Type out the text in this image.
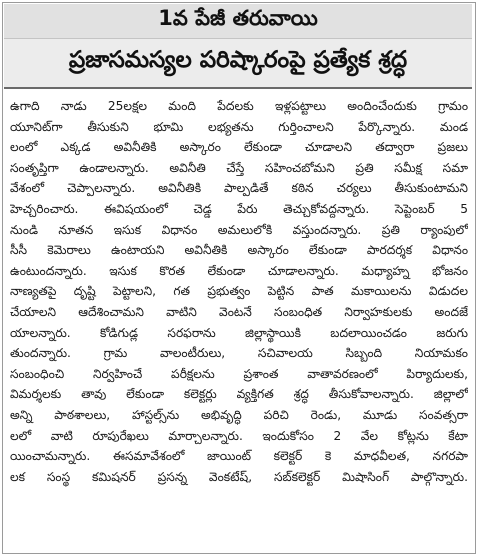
1వ పేజీ తరువాయి
ప్రజాసమస్యల పరిష్కారంపై ప్రత్యేక శ్రద్ధ
ఉగాది నాడు 25లక్షల మంది పేదలకు ఇళ్లపట్టాలు అందించేందుకు గ్రామం
యూనిట్‌గా తీసుకుని భూమి లభ్యతను గుర్తించాలని పేర్కొన్నారు. మండ
లంలో ఎక్కడ అవినీతికి అస్కారం లేకుండా చూడాలని తద్వారా ప్రజలు
సంతృప్తిగా ఉండాలన్నారు. అవినీతి చేస్తే సహించబోమని ప్రతి సమీక్ష సమా
వేశంలో చెప్పాలన్నారు. అవినీతికి పాల్పడితే కఠిన చర్యలు తీసుకుంటామని
హెచ్చరించారు. ఈవిషయంలో చెడ్డ పేరు తెచ్చుకోవద్దన్నారు. సెప్టెంబర్ 5
నుండి నూతన ఇసుక విధానం అమలులోకి వస్తుందన్నారు. ప్రతి ర్యాంపులో
సీసీ కెమెరాలు ఉంటాయని అవినీతికి అస్కారం లేకుండా పారదర్శక విధానం
ఉంటుందన్నారు. ఇసుక కొరత లేకుండా చూడాలన్నారు. మధ్యాహ్న భోజనం
నాణ్యతపై దృష్టి పెట్టాలని, గత ప్రభుత్వం పెట్టిన పాత మకాయిలను విడుదల
చేయాలని ఆదేశించామని వాటిని వెంటనే సంబంధిత నిర్వాహకులకు అందజే
యాలన్నారు. కోడిగుడ్ల సరఫరాను జిల్లాస్థాయికి బదలాయించడం జరుగు
తుందన్నారు. గ్రామ వాలంటీరులు, సచివాలయ సిబ్బంది నియామకం
సంబంధించి నిర్వహించే పరీక్షలను ప్రశాంత వాతావరణంలో పిర్యాదులకు,
విమర్శలకు తావు లేకుండా కలెక్టర్లు వ్యక్తిగత శ్రద్ధ తీసుకోవాలన్నారు. జిల్లాలో
అన్ని పాఠశాలలు, హాస్టల్స్‌ను అభివృద్ధి పరిచి రెండు, మూడు సంవత్సరా
లలో వాటి రూపురేఖలు మార్చాలన్నారు. ఇందుకోసం 2 వేల కోట్లను కేటా
యించామన్నారు. ఈసమావేశంలో జాయింట్ కలెక్టర్ కె మాధవీలత, నగరపా
లక సంస్థ కమిషనర్ ప్రసన్న వెంకటేష్, సబ్‌కలెక్టర్ మిషాసింగ్ పాల్గొన్నారు.
